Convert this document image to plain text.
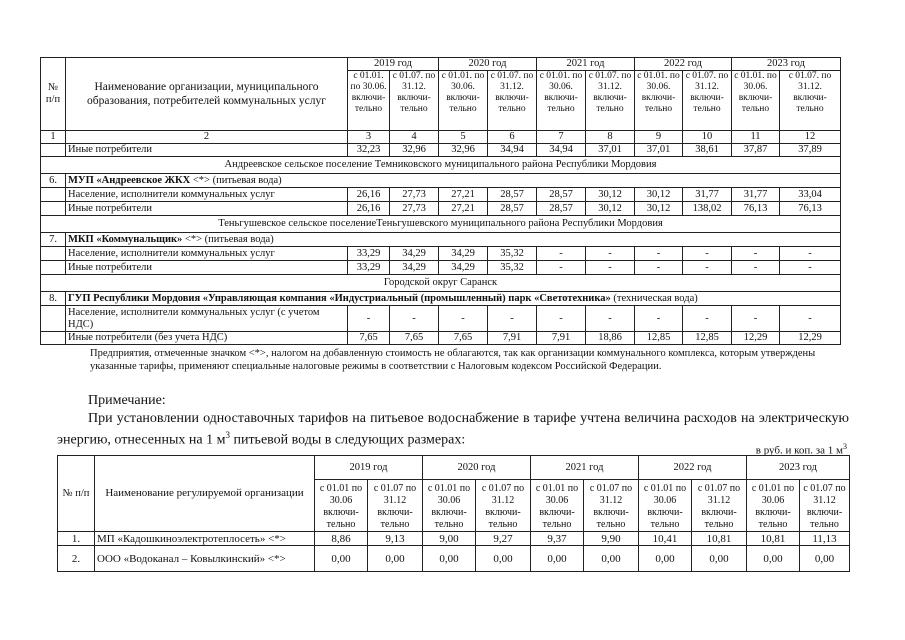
№ п/п	Наименование организации, муниципального образования, потребителей коммунальных услуг	2019 год		2020 год		2021 год		2022 год		2023 год	
		с 01.01. по 30.06. включи-тельно	с 01.07. по 31.12. включи-тельно	с 01.01. по 30.06. включи-тельно	с 01.07. по 31.12. включи-тельно	с 01.01. по 30.06. включи-тельно	с 01.07. по 31.12. включи-тельно	с 01.01. по 30.06. включи-тельно	с 01.07. по 31.12. включи-тельно	с 01.01. по 30.06. включи-тельно	с 01.07. по 31.12. включи-тельно
1	2	3	4	5	6	7	8	9	10	11	12
	Иные потребители	32,23	32,96	32,96	34,94	34,94	37,01	37,01	38,61	37,87	37,89
Андреевское сельское поселение Темниковского муниципального района Республики Мордовия											
6.	МУП «Андреевское ЖКХ <*> (питьевая вода)										
	Население, исполнители коммунальных услуг	26,16	27,73	27,21	28,57	28,57	30,12	30,12	31,77	31,77	33,04
	Иные потребители	26,16	27,73	27,21	28,57	28,57	30,12	30,12	138,02	76,13	76,13
Теньгушевское сельское поселениеТеньгушевского муниципального района Республики Мордовия											
7.	МКП «Коммунальщик» <*> (питьевая вода)										
	Население, исполнители коммунальных услуг	33,29	34,29	34,29	35,32	-	-	-	-	-	-
	Иные потребители	33,29	34,29	34,29	35,32	-	-	-	-	-	-
Городской округ Саранск											
8.	ГУП Республики Мордовия «Управляющая компания «Индустриальный (промышленный) парк «Светотехника» (техническая вода)										
	Население, исполнители коммунальных услуг (с учетом НДС)	-	-	-	-	-	-	-	-	-	-
	Иные потребители (без учета НДС)	7,65	7,65	7,65	7,91	7,91	18,86	12,85	12,85	12,29	12,29

Предприятия, отмеченные значком <*>, налогом на добавленную стоимость не облагаются, так как организации коммунального комплекса, которым утверждены указанные тарифы, применяют специальные налоговые режимы в соответствии с Налоговым кодексом Российской Федерации.

Примечание:

При установлении одноставочных тарифов на питьевое водоснабжение в тарифе учтена величина расходов на электрическую энергию, отнесенных на 1 $м^3$ питьевой воды в следующих размерах:

в руб. и коп. за 1 $м^3$

№ п/п	Наименование регулируемой организации	2019 год		2020 год		2021 год		2022 год		2023 год	
		с 01.01 по 30.06 включи-тельно	с 01.07 по 31.12 включи-тельно	с 01.01 по 30.06 включи-тельно	с 01.07 по 31.12 включи-тельно	с 01.01 по 30.06 включи-тельно	с 01.07 по 31.12 включи-тельно	с 01.01 по 30.06 включи-тельно	с 01.07 по 31.12 включи-тельно	с 01.01 по 30.06 включи-тельно	с 01.07 по 31.12 включи-тельно
1.	МП «Кадошкиноэлектротеплосеть» <*>	8,86	9,13	9,00	9,27	9,37	9,90	10,41	10,81	10,81	11,13
2.	ООО «Водоканал – Ковылкинский» <*>	0,00	0,00	0,00	0,00	0,00	0,00	0,00	0,00	0,00	0,00
